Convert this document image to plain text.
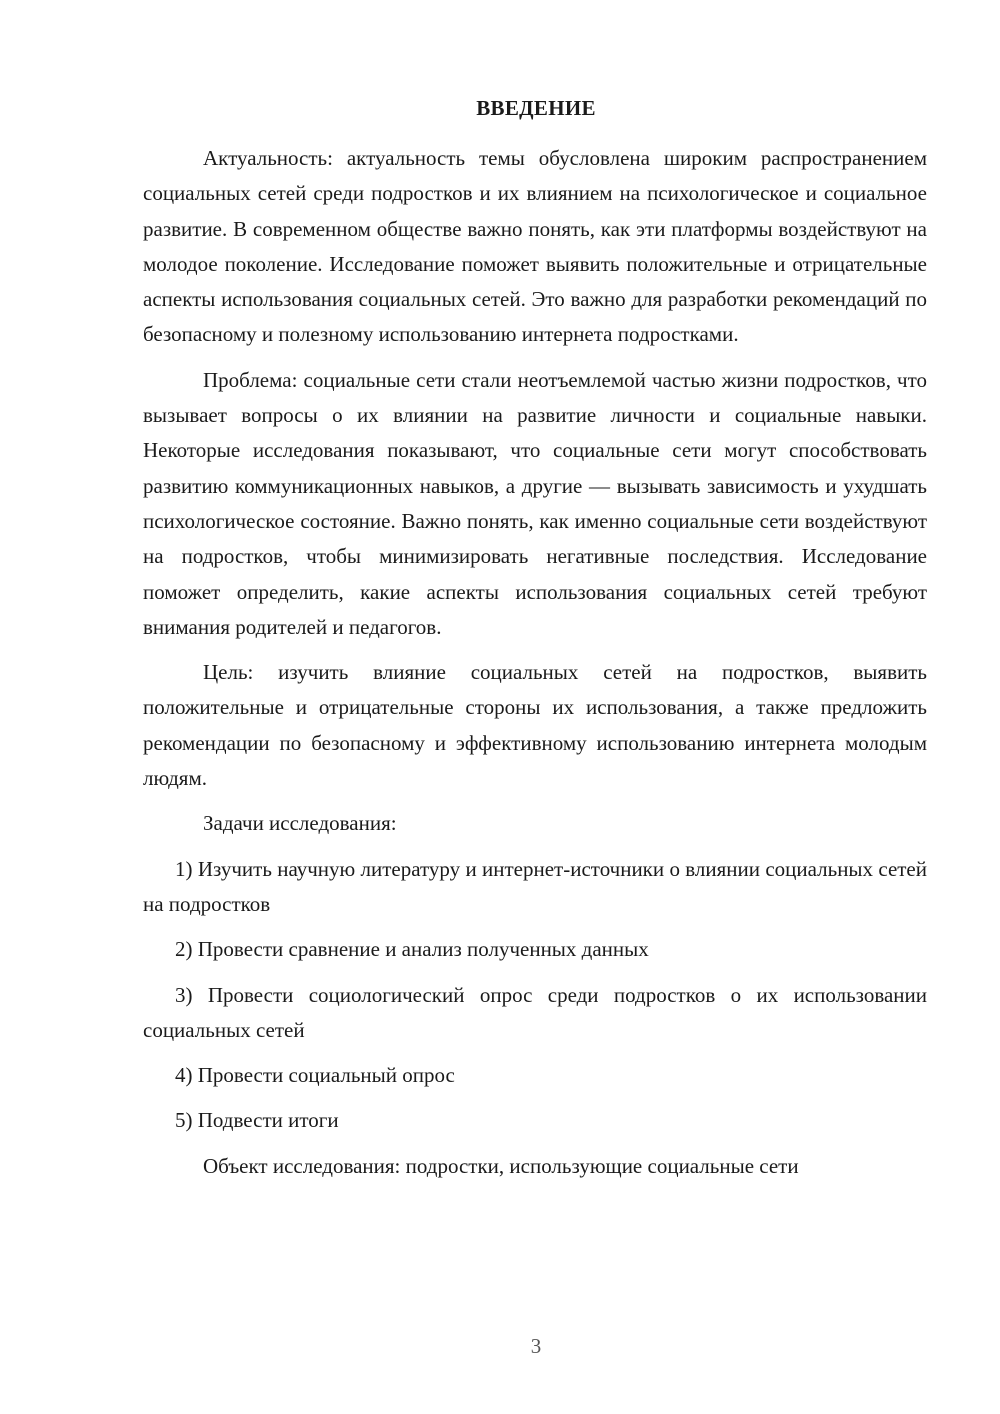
ВВЕДЕНИЕ

Актуальность: актуальность темы обусловлена широким распространением социальных сетей среди подростков и их влиянием на психологическое и социальное развитие. В современном обществе важно понять, как эти платформы воздействуют на молодое поколение. Исследование поможет выявить положительные и отрицательные аспекты использования социальных сетей. Это важно для разработки рекомендаций по безопасному и полезному использованию интернета подростками.

Проблема: социальные сети стали неотъемлемой частью жизни подростков, что вызывает вопросы о их влиянии на развитие личности и социальные навыки. Некоторые исследования показывают, что социальные сети могут способствовать развитию коммуникационных навыков, а другие — вызывать зависимость и ухудшать психологическое состояние. Важно понять, как именно социальные сети воздействуют на подростков, чтобы минимизировать негативные последствия. Исследование поможет определить, какие аспекты использования социальных сетей требуют внимания родителей и педагогов.

Цель: изучить влияние социальных сетей на подростков, выявить положительные и отрицательные стороны их использования, а также предложить рекомендации по безопасному и эффективному использованию интернета молодым людям.

Задачи исследования:

1) Изучить научную литературу и интернет-источники о влиянии социальных сетей на подростков

2) Провести сравнение и анализ полученных данных

3) Провести социологический опрос среди подростков о их использовании социальных сетей

4) Провести социальный опрос

5) Подвести итоги

Объект исследования: подростки, использующие социальные сети

3
